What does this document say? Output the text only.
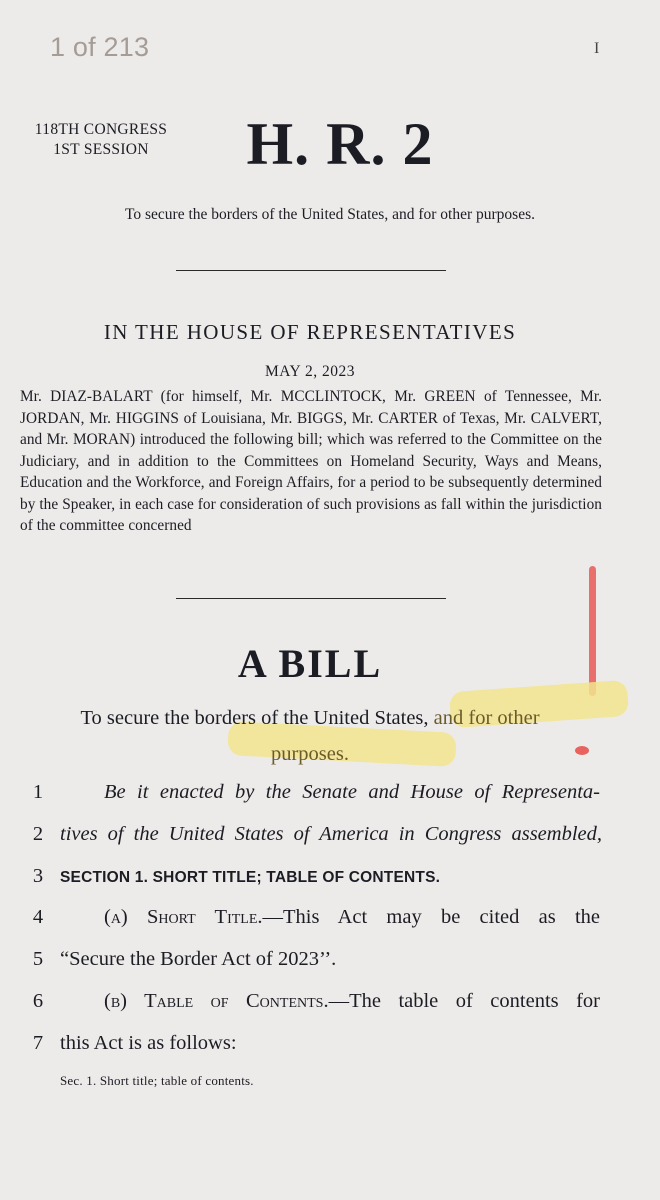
1 of 213	I
118TH CONGRESS
1ST SESSION	H. R. 2
To secure the borders of the United States, and for other purposes.
IN THE HOUSE OF REPRESENTATIVES
MAY 2, 2023

Mr. DIAZ-BALART (for himself, Mr. MCCLINTOCK, Mr. GREEN of Tennessee, Mr. JORDAN, Mr. HIGGINS of Louisiana, Mr. BIGGS, Mr. CARTER of Texas, Mr. CALVERT, and Mr. MORAN) introduced the following bill; which was referred to the Committee on the Judiciary, and in addition to the Committees on Homeland Security, Ways and Means, Education and the Workforce, and Foreign Affairs, for a period to be subsequently determined by the Speaker, in each case for consideration of such provisions as fall within the jurisdiction of the committee concerned

A BILL
To secure the borders of the United States, and for other
purposes.
1	Be it enacted by the Senate and House of Representa-
2 tives of the United States of America in Congress assembled,
3	SECTION 1. SHORT TITLE; TABLE OF CONTENTS.
4	(a) Short Title.—This Act may be cited as the
5 “Secure the Border Act of 2023’’.
6	(b) Table of Contents.—The table of contents for
7 this Act is as follows:
Sec. 1. Short title; table of contents.
